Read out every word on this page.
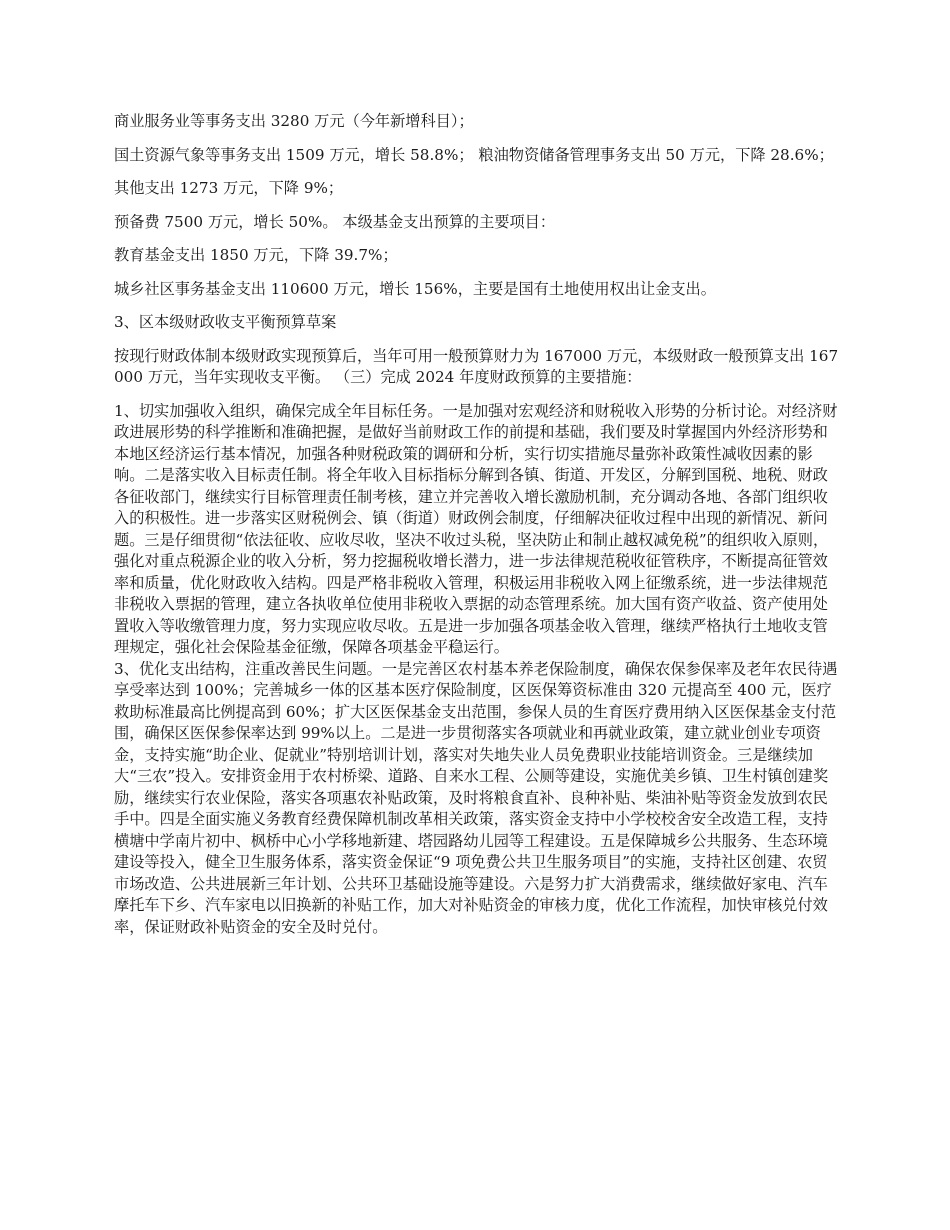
商业服务业等事务支出 3280 万元（今年新增科目）；

国土资源气象等事务支出 1509 万元，增长 58.8%； 粮油物资储备管理事务支出 50 万元，下降 28.6%；

其他支出 1273 万元，下降 9%；

预备费 7500 万元，增长 50%。 本级基金支出预算的主要项目：

教育基金支出 1850 万元，下降 39.7%；

城乡社区事务基金支出 110600 万元，增长 156%，主要是国有土地使用权出让金支出。

3、区本级财政收支平衡预算草案

按现行财政体制本级财政实现预算后，当年可用一般预算财力为 167000 万元，本级财政一般预算支出 167000 万元，当年实现收支平衡。 （三）完成 2024 年度财政预算的主要措施：

1、切实加强收入组织，确保完成全年目标任务。一是加强对宏观经济和财税收入形势的分析讨论。对经济财政进展形势的科学推断和准确把握，是做好当前财政工作的前提和基础，我们要及时掌握国内外经济形势和本地区经济运行基本情况，加强各种财税政策的调研和分析，实行切实措施尽量弥补政策性减收因素的影响。二是落实收入目标责任制。将全年收入目标指标分解到各镇、街道、开发区，分解到国税、地税、财政各征收部门，继续实行目标管理责任制考核，建立并完善收入增长激励机制，充分调动各地、各部门组织收入的积极性。进一步落实区财税例会、镇（街道）财政例会制度，仔细解决征收过程中出现的新情况、新问题。三是仔细贯彻“依法征收、应收尽收，坚决不收过头税，坚决防止和制止越权减免税”的组织收入原则，强化对重点税源企业的收入分析，努力挖掘税收增长潜力，进一步法律规范税收征管秩序，不断提高征管效率和质量，优化财政收入结构。四是严格非税收入管理，积极运用非税收入网上征缴系统，进一步法律规范非税收入票据的管理，建立各执收单位使用非税收入票据的动态管理系统。加大国有资产收益、资产使用处置收入等收缴管理力度，努力实现应收尽收。五是进一步加强各项基金收入管理，继续严格执行土地收支管理规定，强化社会保险基金征缴，保障各项基金平稳运行。

3、优化支出结构，注重改善民生问题。一是完善区农村基本养老保险制度，确保农保参保率及老年农民待遇享受率达到 100%；完善城乡一体的区基本医疗保险制度，区医保筹资标准由 320 元提高至 400 元，医疗救助标准最高比例提高到 60%；扩大区医保基金支出范围，参保人员的生育医疗费用纳入区医保基金支付范围，确保区医保参保率达到 99%以上。二是进一步贯彻落实各项就业和再就业政策，建立就业创业专项资金，支持实施“助企业、促就业”特别培训计划，落实对失地失业人员免费职业技能培训资金。三是继续加大“三农”投入。安排资金用于农村桥梁、道路、自来水工程、公厕等建设，实施优美乡镇、卫生村镇创建奖励，继续实行农业保险，落实各项惠农补贴政策，及时将粮食直补、良种补贴、柴油补贴等资金发放到农民手中。四是全面实施义务教育经费保障机制改革相关政策，落实资金支持中小学校校舍安全改造工程，支持横塘中学南片初中、枫桥中心小学移地新建、塔园路幼儿园等工程建设。五是保障城乡公共服务、生态环境建设等投入，健全卫生服务体系，落实资金保证“9 项免费公共卫生服务项目”的实施，支持社区创建、农贸市场改造、公共进展新三年计划、公共环卫基础设施等建设。六是努力扩大消费需求，继续做好家电、汽车摩托车下乡、汽车家电以旧换新的补贴工作，加大对补贴资金的审核力度，优化工作流程，加快审核兑付效率，保证财政补贴资金的安全及时兑付。
